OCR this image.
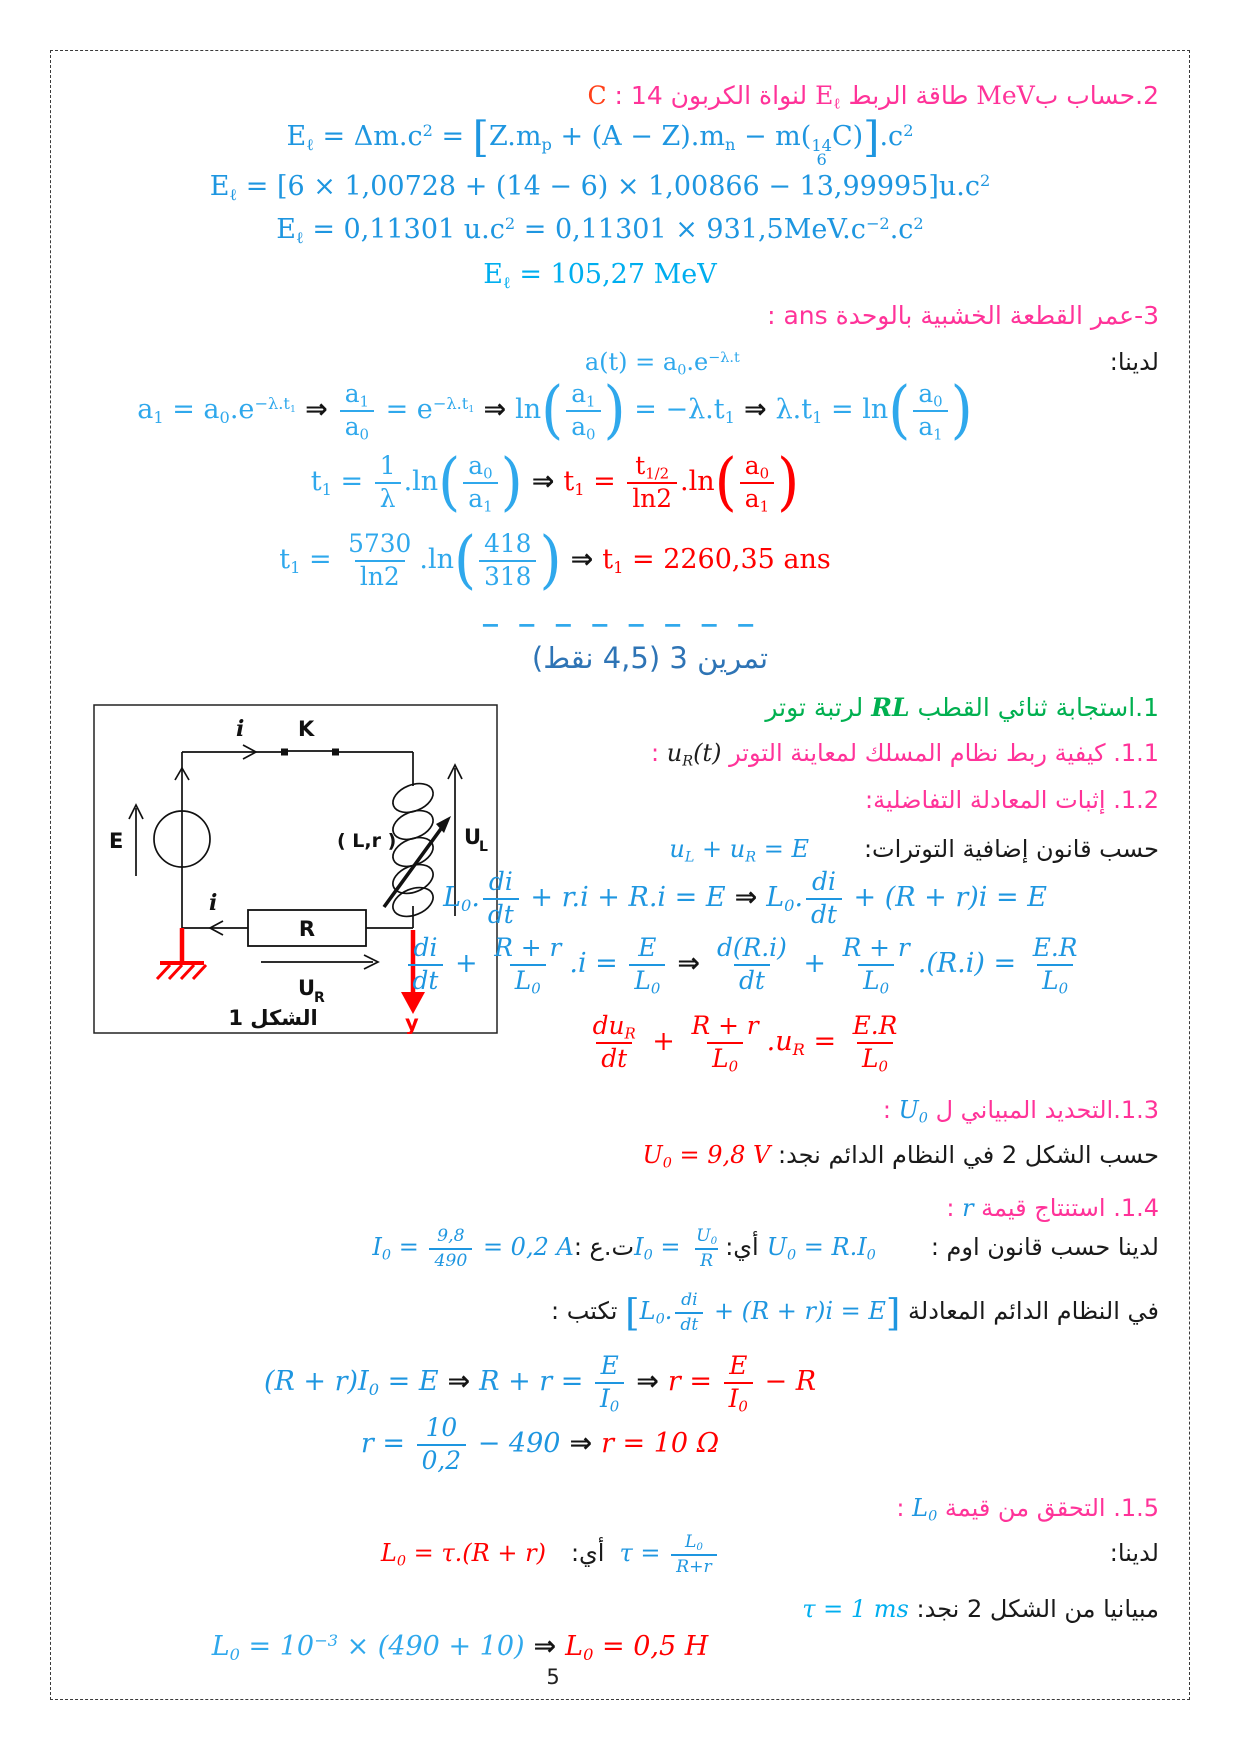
2.حساب بMeV طاقة الربط $E_\ell$ لنواة الكربون 14 : C
$E_\ell = \Delta m.c^2 = [Z.m_p + (A - Z).m_n - m$( 14
6
$C)].c^2$
$E_\ell = [6 \times 1,00728 + (14 - 6) \times 1,00866 - 13,99995]u.c^2$
$E_\ell = 0,11301$ $u.c^2 = 0,11301 \times 931,5MeV.c^{-2}.c^2$
$E_\ell = 105,27$ MeV
3-عمر القطعة الخشبية بالوحدة ans :
لدينا:a(t) = $a_0.e^{-\lambda.t}$
$a_1 = a_0.e^{-\lambda.t_1}$ ⇒ $\frac{a_1}{a_0} = e^{-\lambda.t_1}$ ⇒ ln ( $\frac{a_1}{a_0}$ ) = $-\lambda.t_1$ ⇒ $\lambda.t_1 = \ln$ ( $\frac{a_0}{a_1}$ )
$t_1 = \frac{1}{\lambda} .\ln$ ( $\frac{a_0}{a_1}$ ) ⇒ $t_1 = \frac{t_{1/2}}{\ln 2} .\ln$ ( $\frac{a_0}{a_1}$ )
$t_1 = \frac{5730}{\ln 2} .\ln$ ( $\frac{418}{318}$ ) ⇒ $t_1 = 2260,35$ ans
− − − − − − − −
تمرين 3 (4,5 نقط)
1.استجابة ثنائي القطب RL لرتبة توتر
1.1. كيفية ربط نظام المسلك لمعاينة التوتر $u_R(t)$ :
1.2. إثبات المعادلة التفاضلية:
i	K
E	( L,r )	U
L
R
U
R
i
y
الشكل 1
حسب قانون إضافية $التوترات:u_L + u_R = E$
$L_0$. $\frac{di}{dt} + r.i + R.i = E$ ⇒ $L_0$. $\frac{di}{dt} + (R + r)i = E$
$\frac{di}{dt} + \frac{R + r}{L_0} .i = \frac{E}{L_0}$ ⇒ $\frac{d(R.i)}{dt} + \frac{R + r}{L_0} .(R.i) = \frac{E.R}{L_0}$
$\frac{du_R}{dt} + \frac{R + r}{L_0} .u_R = \frac{E.R}{L_0}$
1.3.التحديد المبياني ل $U_0$ :
حسب الشكل 2 في النظام الدائم نجد: $U_0 = 9,8$ V
1.4. استنتاج قيمة r :
لدينا حسب قانون اوم $:U_0$ = $R.I_0أي:I_0 = \frac{U_0}{R}$
ت.ع $:I_0 = \frac{9,8}{490} = 0,2$ A
في النظام الدائم المعادلة [$L_0$. $\frac{di}{dt} + (R + r)i = E$] تكتب :
$(R + r)I_0 = E$ ⇒ $R + r = \frac{E}{I_0}$ ⇒ $r = \frac{E}{I_0} - R$
$r = \frac{10}{0,2} - 490$ ⇒ r = 10 Ω
1.5. التحقق من قيمة $L_0$ :
لدينا:τ = $\frac{L_0}{R+r}$
$أي:L_0 = \tau.(R + r)$
مبيانيا من الشكل 2 نجد: τ = 1 ms
$L_0 = 10^{-3} \times (490 + 10)$ ⇒ $L_0 = 0,5$ H
5
